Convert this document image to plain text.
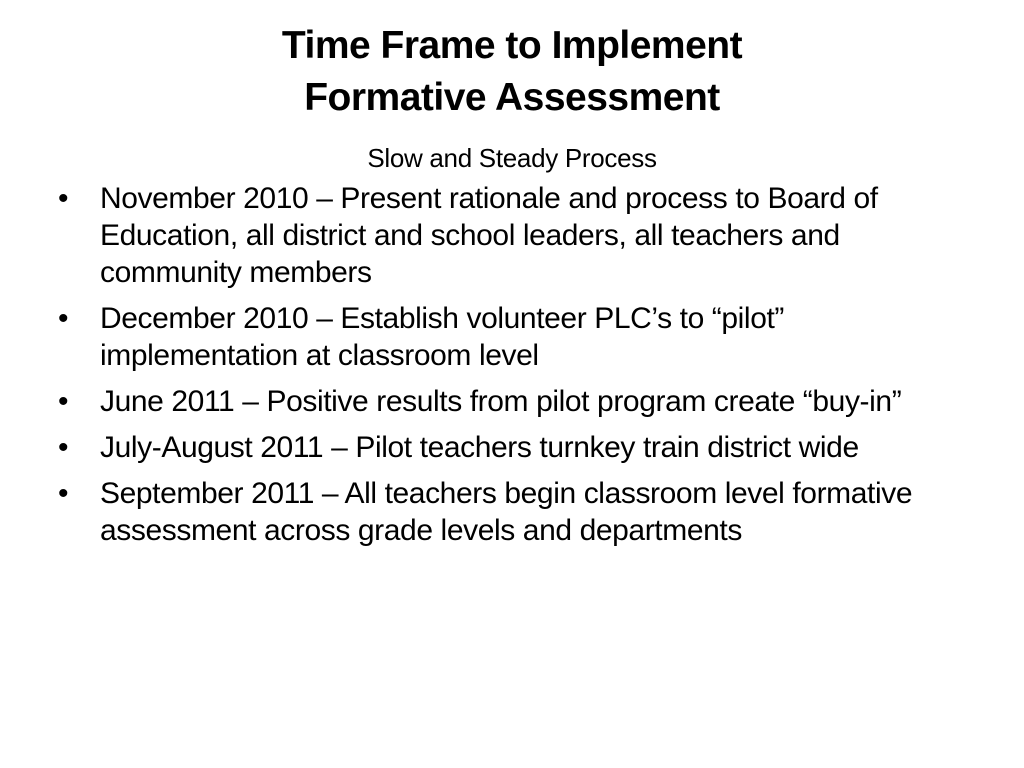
Time Frame to Implement
Formative Assessment
Slow and Steady Process
• November 2010 – Present rationale and process to Board of Education, all district and school leaders, all teachers and community members
• December 2010 – Establish volunteer PLC’s to “pilot” implementation at classroom level
• June 2011 – Positive results from pilot program create “buy-in”
• July-August 2011 – Pilot teachers turnkey train district wide
• September 2011 – All teachers begin classroom level formative assessment across grade levels and departments
